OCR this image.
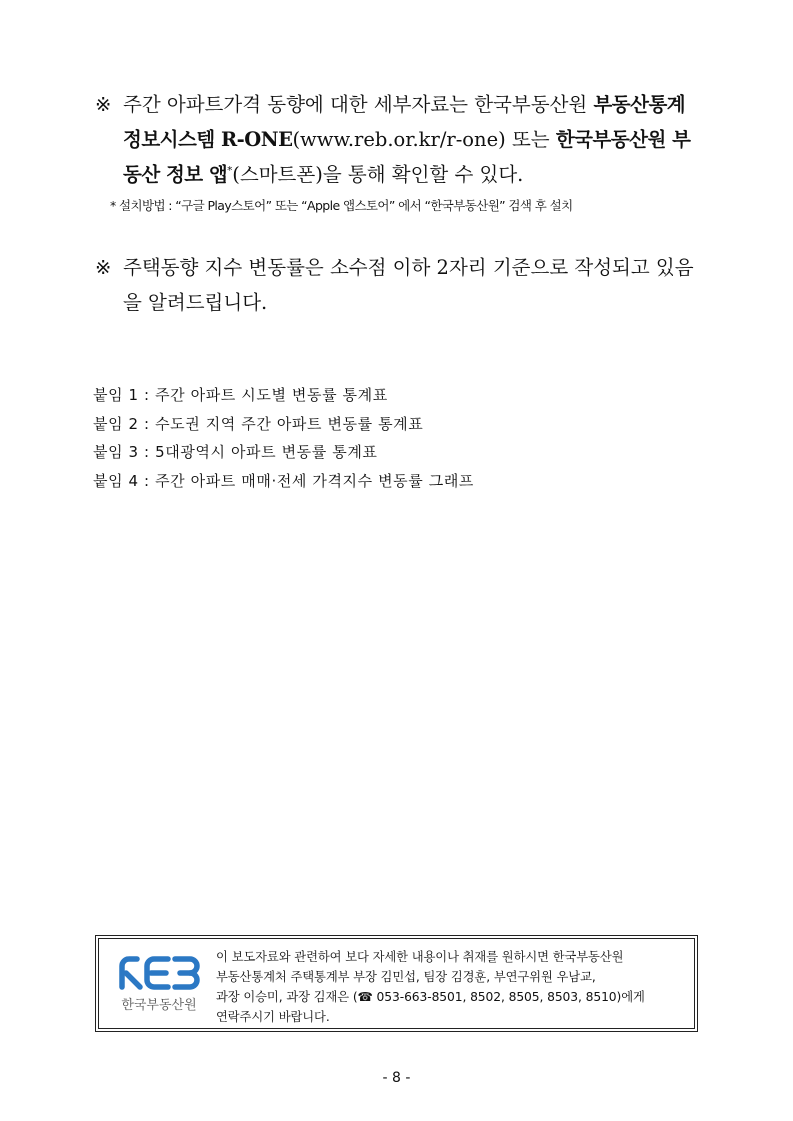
※ 주간 아파트가격 동향에 대한 세부자료는 한국부동산원 부동산통계 정보시스템 R-ONE(www.reb.or.kr/r-one) 또는 한국부동산원 부동산 정보 앱*(스마트폰)을 통해 확인할 수 있다.
* 설치방법 : “구글 Play스토어” 또는 “Apple 앱스토어” 에서 “한국부동산원” 검색 후 설치
※ 주택동향 지수 변동률은 소수점 이하 2자리 기준으로 작성되고 있음을 알려드립니다.
붙임 1 : 주간 아파트 시도별 변동률 통계표
붙임 2 : 수도권 지역 주간 아파트 변동률 통계표
붙임 3 : 5대광역시 아파트 변동률 통계표
붙임 4 : 주간 아파트 매매·전세 가격지수 변동률 그래프
한국부동산원
이 보도자료와 관련하여 보다 자세한 내용이나 취재를 원하시면 한국부동산원
부동산통계처 주택통계부 부장 김민섭, 팀장 김경훈, 부연구위원 우남교,
과장 이승미, 과장 김재은 (☎ 053-663-8501, 8502, 8505, 8503, 8510)에게
연락주시기 바랍니다.
- 8 -
